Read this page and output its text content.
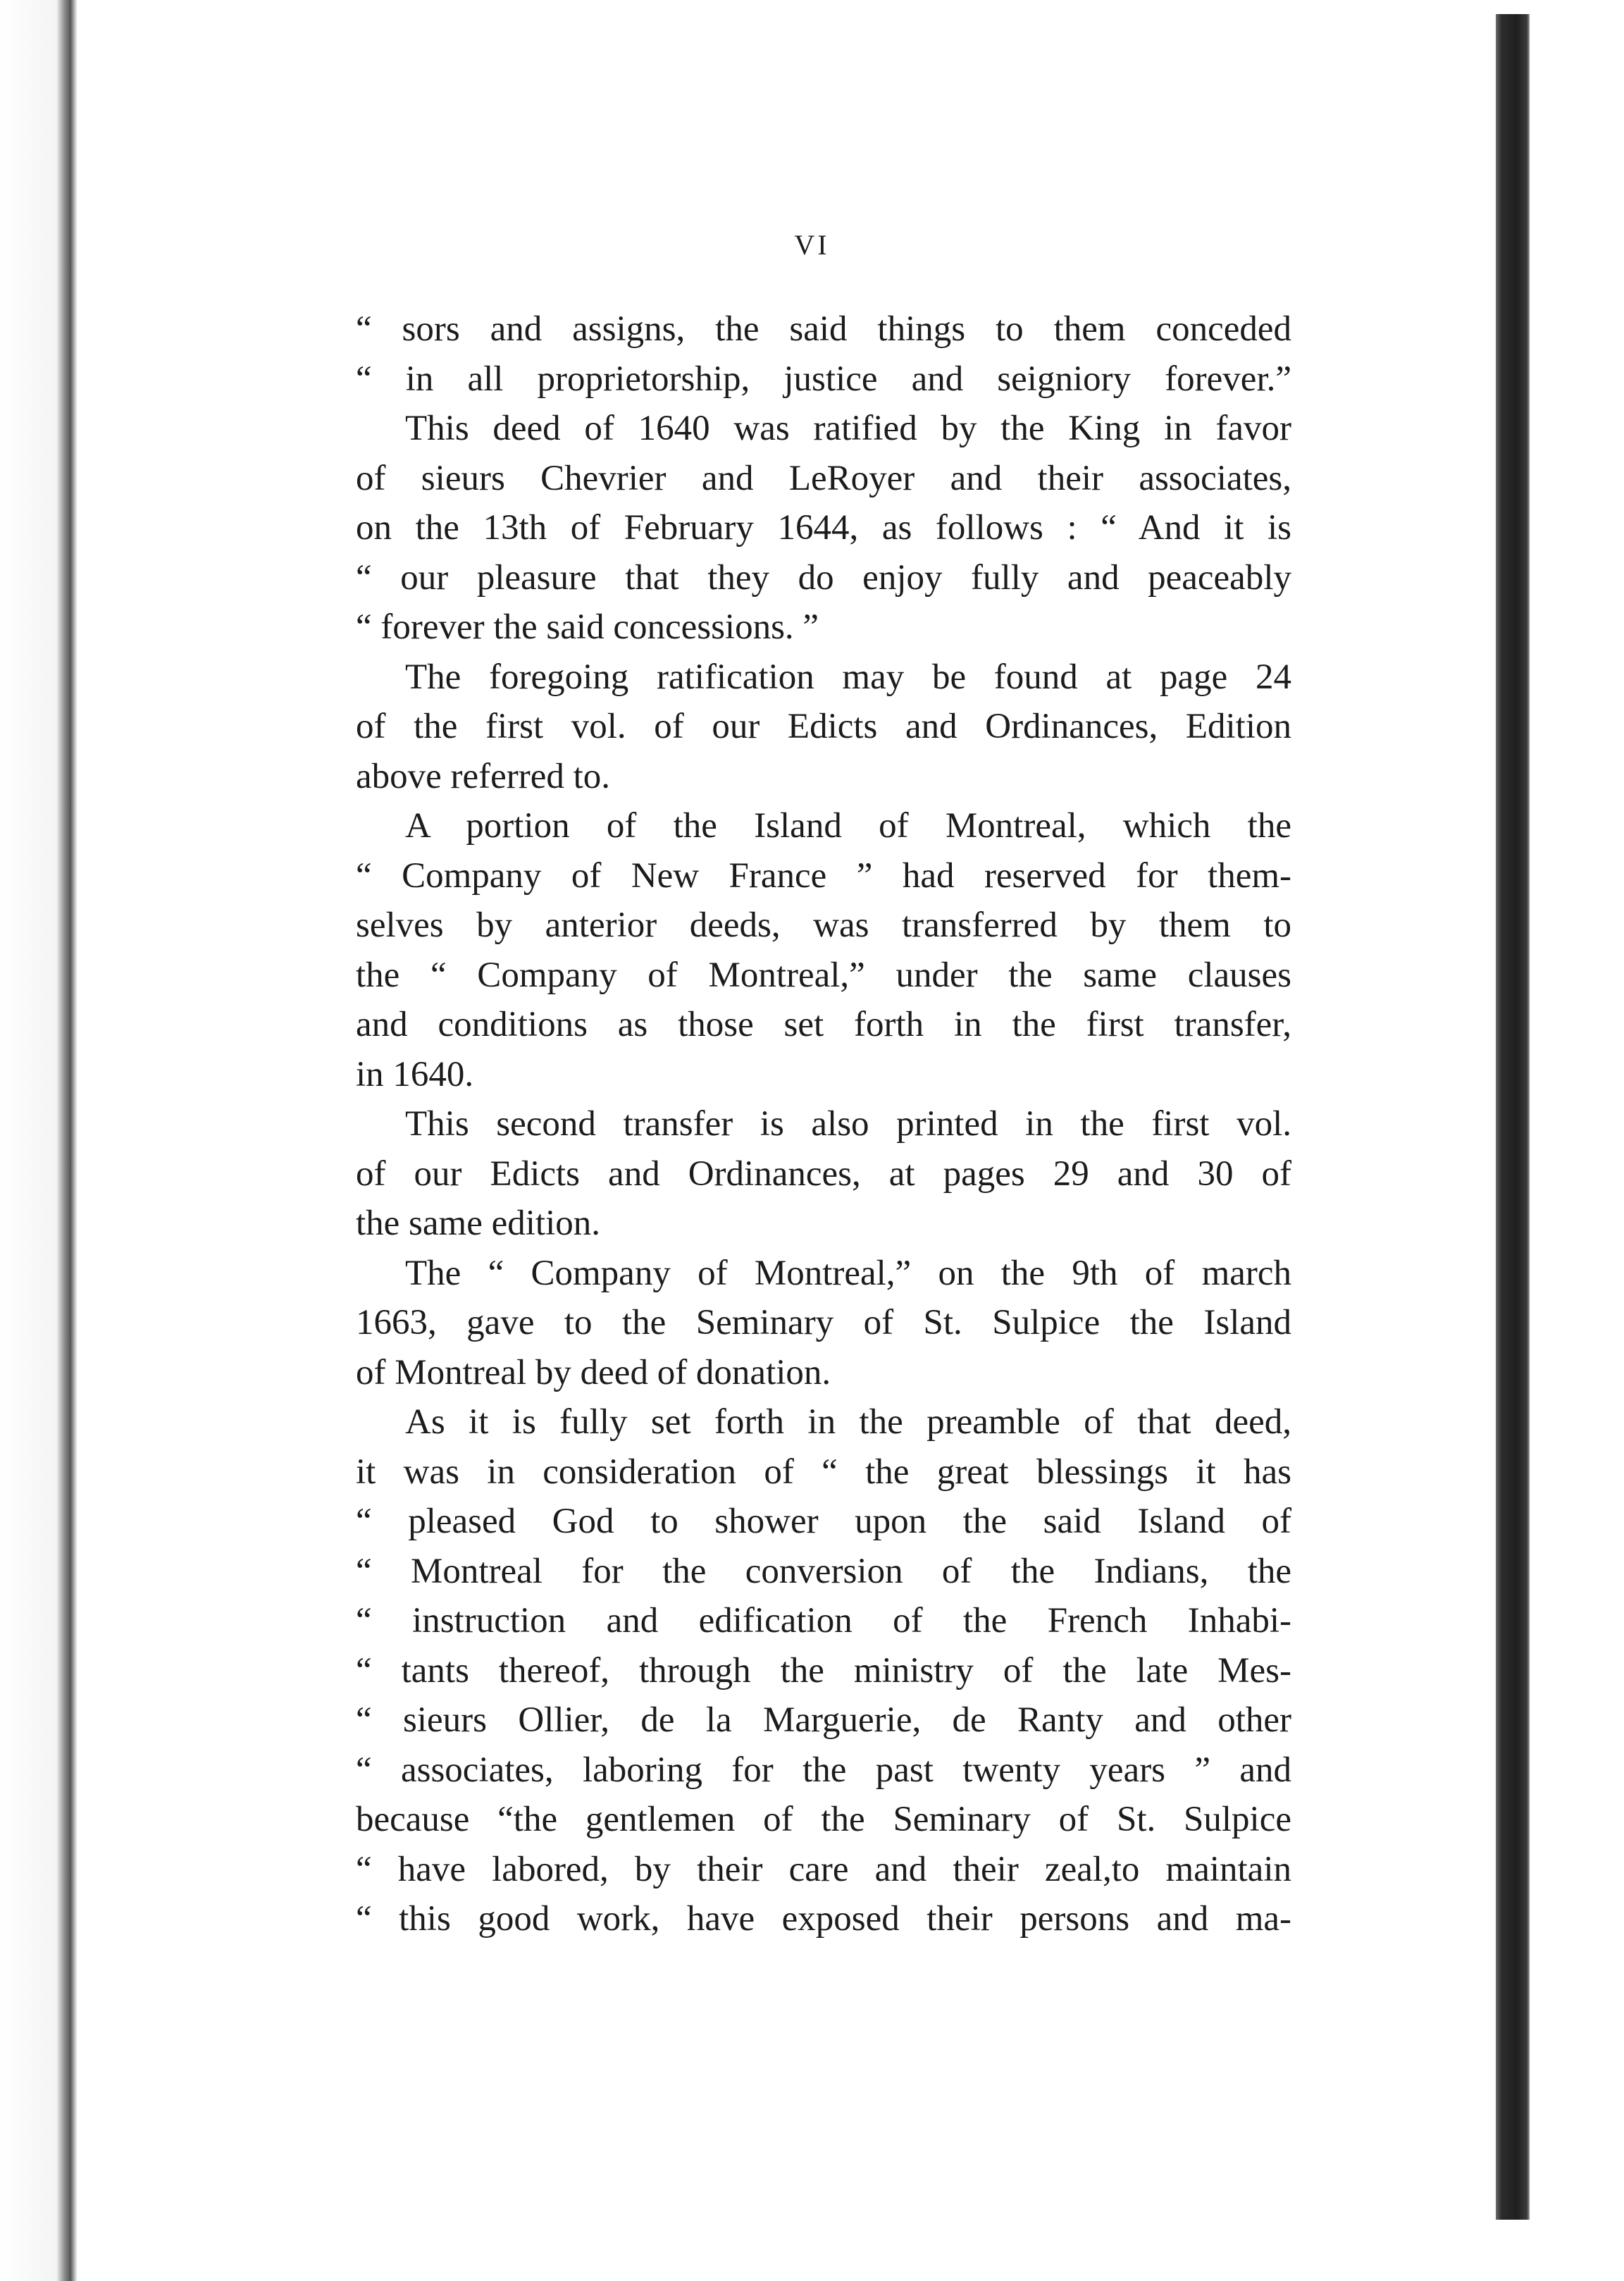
VI
“ sors and assigns, the said things to them conceded
“ in all proprietorship, justice and seigniory forever.”
This deed of 1640 was ratified by the King in favor
of sieurs Chevrier and LeRoyer and their associates,
on the 13th of February 1644, as follows : “ And it is
“ our pleasure that they do enjoy fully and peaceably
“ forever the said concessions. ”
The foregoing ratification may be found at page 24
of the first vol. of our Edicts and Ordinances, Edition
above referred to.
A portion of the Island of Montreal, which the
“ Company of New France ” had reserved for them-
selves by anterior deeds, was transferred by them to
the “ Company of Montreal,” under the same clauses
and conditions as those set forth in the first transfer,
in 1640.
This second transfer is also printed in the first vol.
of our Edicts and Ordinances, at pages 29 and 30 of
the same edition.
The “ Company of Montreal,” on the 9th of march
1663, gave to the Seminary of St. Sulpice the Island
of Montreal by deed of donation.
As it is fully set forth in the preamble of that deed,
it was in consideration of “ the great blessings it has
“ pleased God to shower upon the said Island of
“ Montreal for the conversion of the Indians, the
“ instruction and edification of the French Inhabi-
“ tants thereof, through the ministry of the late Mes-
“ sieurs Ollier, de la Marguerie, de Ranty and other
“ associates, laboring for the past twenty years ” and
because “the gentlemen of the Seminary of St. Sulpice
“ have labored, by their care and their zeal,to maintain
“ this good work, have exposed their persons and ma-
